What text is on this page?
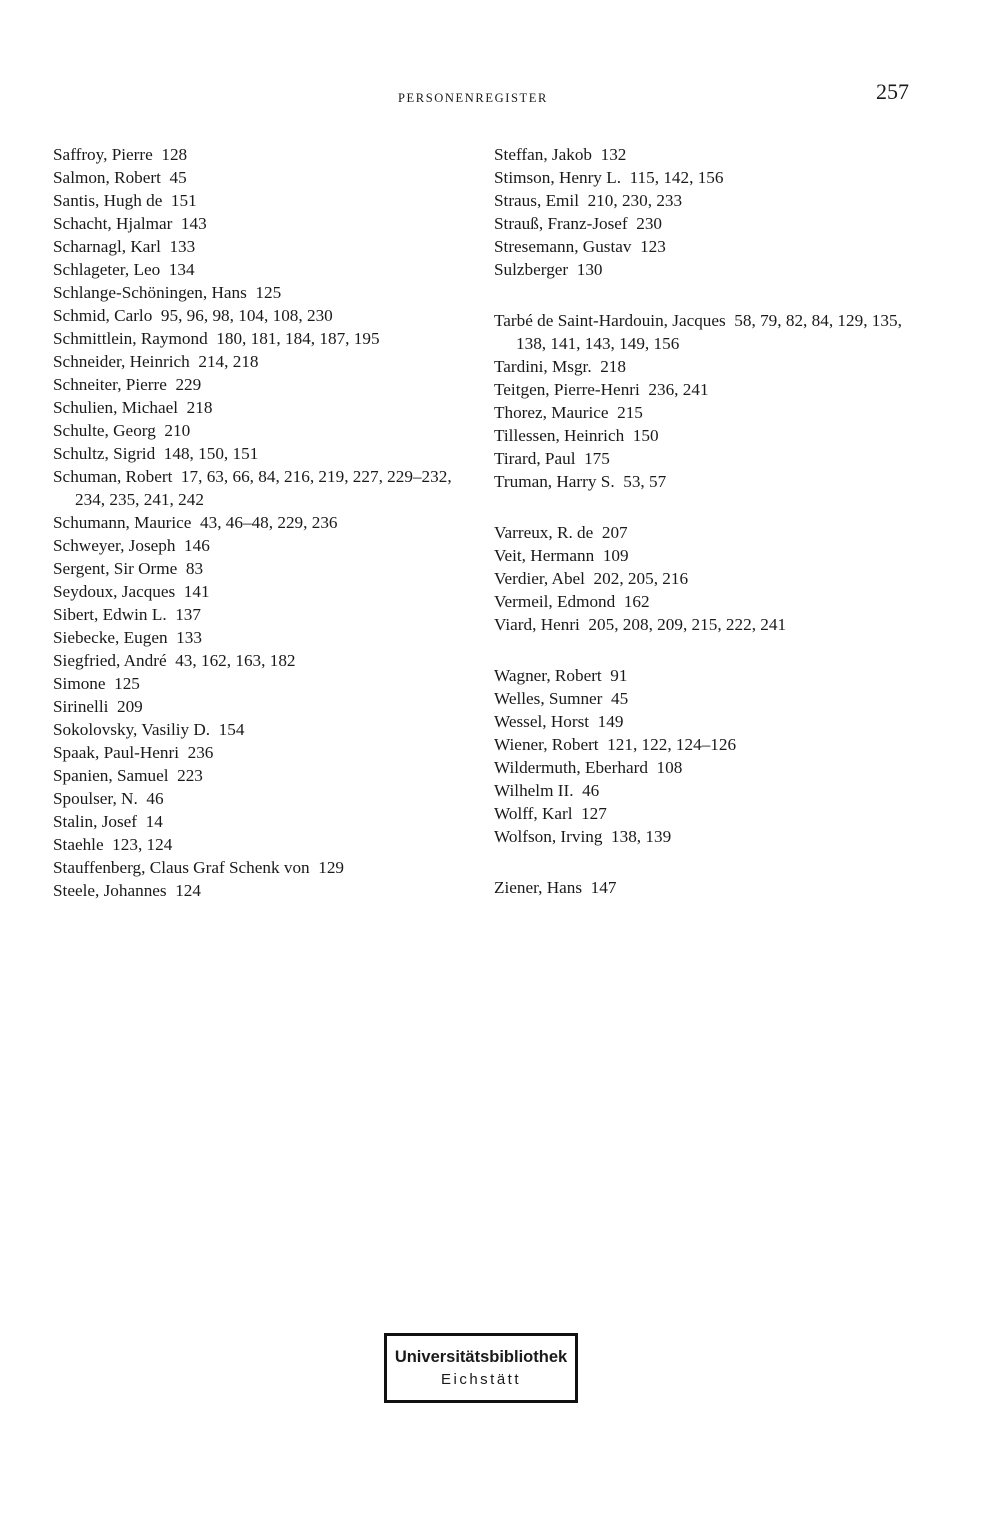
PERSONENREGISTER	257
Saffroy, Pierre  128
Salmon, Robert  45
Santis, Hugh de  151
Schacht, Hjalmar  143
Scharnagl, Karl  133
Schlageter, Leo  134
Schlange-Schöningen, Hans  125
Schmid, Carlo  95, 96, 98, 104, 108, 230
Schmittlein, Raymond  180, 181, 184, 187, 195
Schneider, Heinrich  214, 218
Schneiter, Pierre  229
Schulien, Michael  218
Schulte, Georg  210
Schultz, Sigrid  148, 150, 151
Schuman, Robert  17, 63, 66, 84, 216, 219, 227, 229–232, 234, 235, 241, 242
Schumann, Maurice  43, 46–48, 229, 236
Schweyer, Joseph  146
Sergent, Sir Orme  83
Seydoux, Jacques  141
Sibert, Edwin L.  137
Siebecke, Eugen  133
Siegfried, André  43, 162, 163, 182
Simone  125
Sirinelli  209
Sokolovsky, Vasiliy D.  154
Spaak, Paul-Henri  236
Spanien, Samuel  223
Spoulser, N.  46
Stalin, Josef  14
Staehle  123, 124
Stauffenberg, Claus Graf Schenk von  129
Steele, Johannes  124
Steffan, Jakob  132
Stimson, Henry L.  115, 142, 156
Straus, Emil  210, 230, 233
Strauß, Franz-Josef  230
Stresemann, Gustav  123
Sulzberger  130
Tarbé de Saint-Hardouin, Jacques  58, 79, 82, 84, 129, 135, 138, 141, 143, 149, 156
Tardini, Msgr.  218
Teitgen, Pierre-Henri  236, 241
Thorez, Maurice  215
Tillessen, Heinrich  150
Tirard, Paul  175
Truman, Harry S.  53, 57
Varreux, R. de  207
Veit, Hermann  109
Verdier, Abel  202, 205, 216
Vermeil, Edmond  162
Viard, Henri  205, 208, 209, 215, 222, 241
Wagner, Robert  91
Welles, Sumner  45
Wessel, Horst  149
Wiener, Robert  121, 122, 124–126
Wildermuth, Eberhard  108
Wilhelm II.  46
Wolff, Karl  127
Wolfson, Irving  138, 139
Ziener, Hans  147
Universitätsbibliothek
Eichstätt
